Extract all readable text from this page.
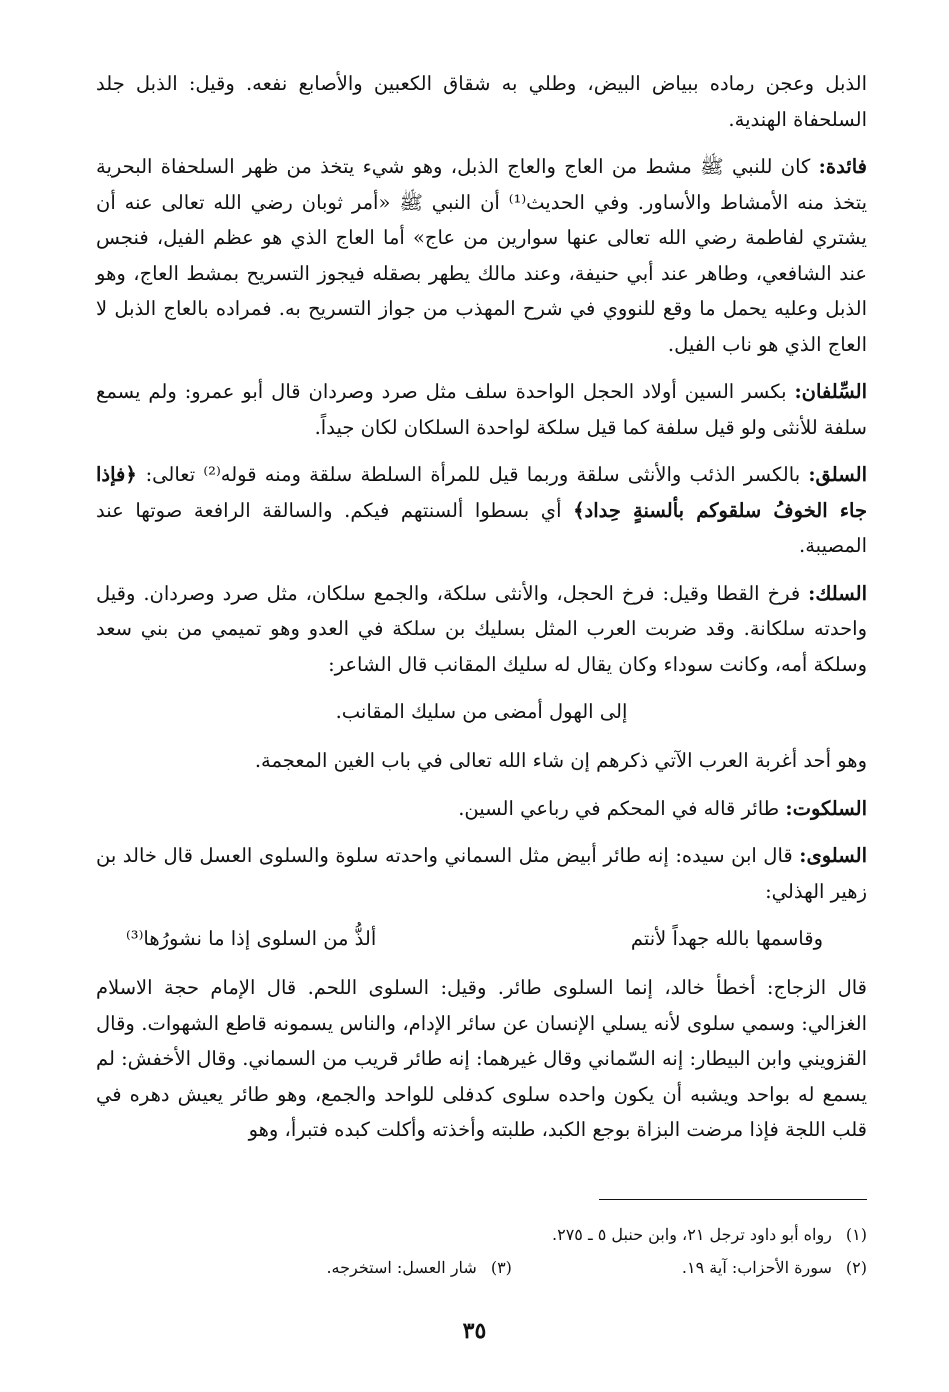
الذبل وعجن رماده ببياض البيض، وطلي به شقاق الكعبين والأصابع نفعه. وقيل: الذبل جلد السلحفاة الهندية.

فائدة: كان للنبي ﷺ مشط من العاج والعاج الذبل، وهو شيء يتخذ من ظهر السلحفاة البحرية يتخذ منه الأمشاط والأساور. وفي الحديث⁽¹⁾ أن النبي ﷺ «أمر ثوبان رضي الله تعالى عنه أن يشتري لفاطمة رضي الله تعالى عنها سوارين من عاج» أما العاج الذي هو عظم الفيل، فنجس عند الشافعي، وطاهر عند أبي حنيفة، وعند مالك يطهر بصقله فيجوز التسريح بمشط العاج، وهو الذبل وعليه يحمل ما وقع للنووي في شرح المهذب من جواز التسريح به. فمراده بالعاج الذبل لا العاج الذي هو ناب الفيل.

السِّلفان: بكسر السين أولاد الحجل الواحدة سلف مثل صرد وصردان قال أبو عمرو: ولم يسمع سلفة للأنثى ولو قيل سلفة كما قيل سلكة لواحدة السلكان لكان جيداً.

السلق: بالكسر الذئب والأنثى سلقة وربما قيل للمرأة السلطة سلقة ومنه قوله⁽²⁾ تعالى: ﴿فإذا جاء الخوفُ سلقوكم بألسنةٍ حِداد﴾ أي بسطوا ألسنتهم فيكم. والسالقة الرافعة صوتها عند المصيبة.

السلك: فرخ القطا وقيل: فرخ الحجل، والأنثى سلكة، والجمع سلكان، مثل صرد وصردان. وقيل واحدته سلكانة. وقد ضربت العرب المثل بسليك بن سلكة في العدو وهو تميمي من بني سعد وسلكة أمه، وكانت سوداء وكان يقال له سليك المقانب قال الشاعر:

إلى الهول أمضى من سليك المقانب.

وهو أحد أغربة العرب الآتي ذكرهم إن شاء الله تعالى في باب الغين المعجمة.

السلكوت: طائر قاله في المحكم في رباعي السين.

السلوى: قال ابن سيده: إنه طائر أبيض مثل السماني واحدته سلوة والسلوى العسل قال خالد بن زهير الهذلي:

وقاسمها بالله جهداً لأنتم
ألذُّ من السلوى إذا ما نشورُها⁽³⁾

قال الزجاج: أخطأ خالد، إنما السلوى طائر. وقيل: السلوى اللحم. قال الإمام حجة الاسلام الغزالي: وسمي سلوى لأنه يسلي الإنسان عن سائر الإدام، والناس يسمونه قاطع الشهوات. وقال القزويني وابن البيطار: إنه السّماني وقال غيرهما: إنه طائر قريب من السماني. وقال الأخفش: لم يسمع له بواحد ويشبه أن يكون واحده سلوى كدفلى للواحد والجمع، وهو طائر يعيش دهره في قلب اللجة فإذا مرضت البزاة بوجع الكبد، طلبته وأخذته وأكلت كبده فتبرأ، وهو

(١)رواه أبو داود ترجل ٢١، وابن حنبل ٥ ـ ٢٧٥.
(٢)سورة الأحزاب: آية ١٩.
(٣)شار العسل: استخرجه.
٣٥
